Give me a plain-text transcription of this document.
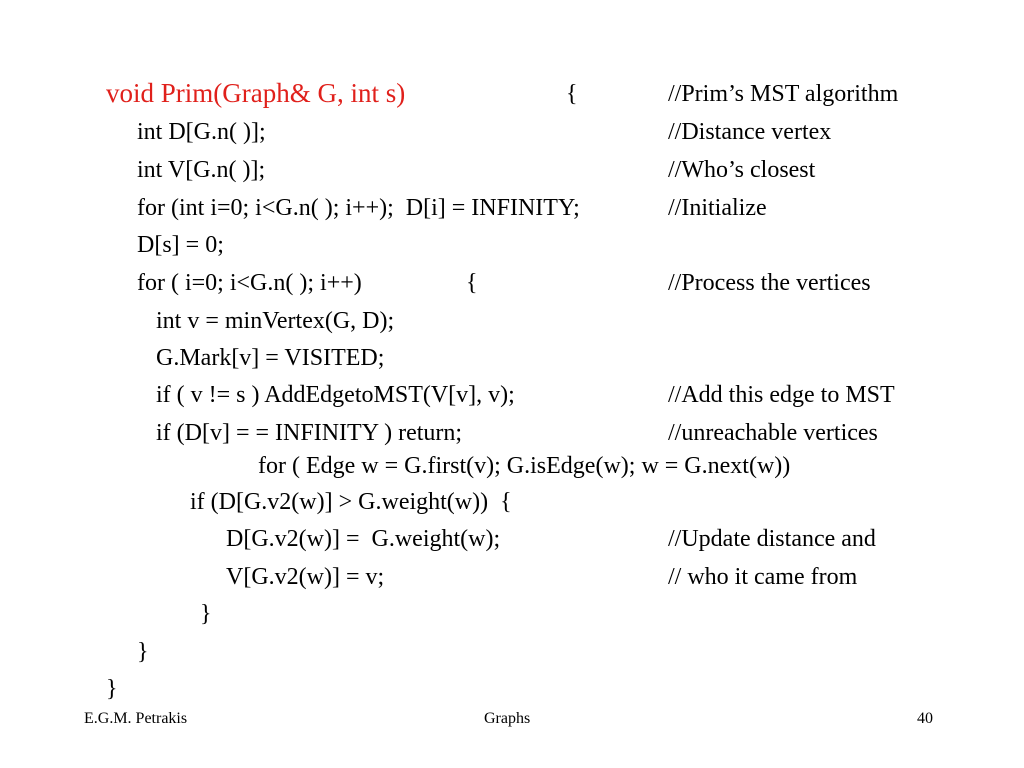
void Prim(Graph& G, int s)	{	//Prim’s MST algorithm
int D[G.n( )];	//Distance vertex
int V[G.n( )];	//Who’s closest
for (int i=0; i<G.n( ); i++);  D[i] = INFINITY;	//Initialize
D[s] = 0;
for ( i=0; i<G.n( ); i++)	{	//Process the vertices
int v = minVertex(G, D);
G.Mark[v] = VISITED;
if ( v != s ) AddEdgetoMST(V[v], v);	//Add this edge to MST
if (D[v] = = INFINITY ) return;	//unreachable vertices
for ( Edge w = G.first(v); G.isEdge(w); w = G.next(w))
if (D[G.v2(w)] > G.weight(w))  {
D[G.v2(w)] =  G.weight(w);	//Update distance and
V[G.v2(w)] = v;	// who it came from
}
}
}
E.G.M. Petrakis	Graphs	40
